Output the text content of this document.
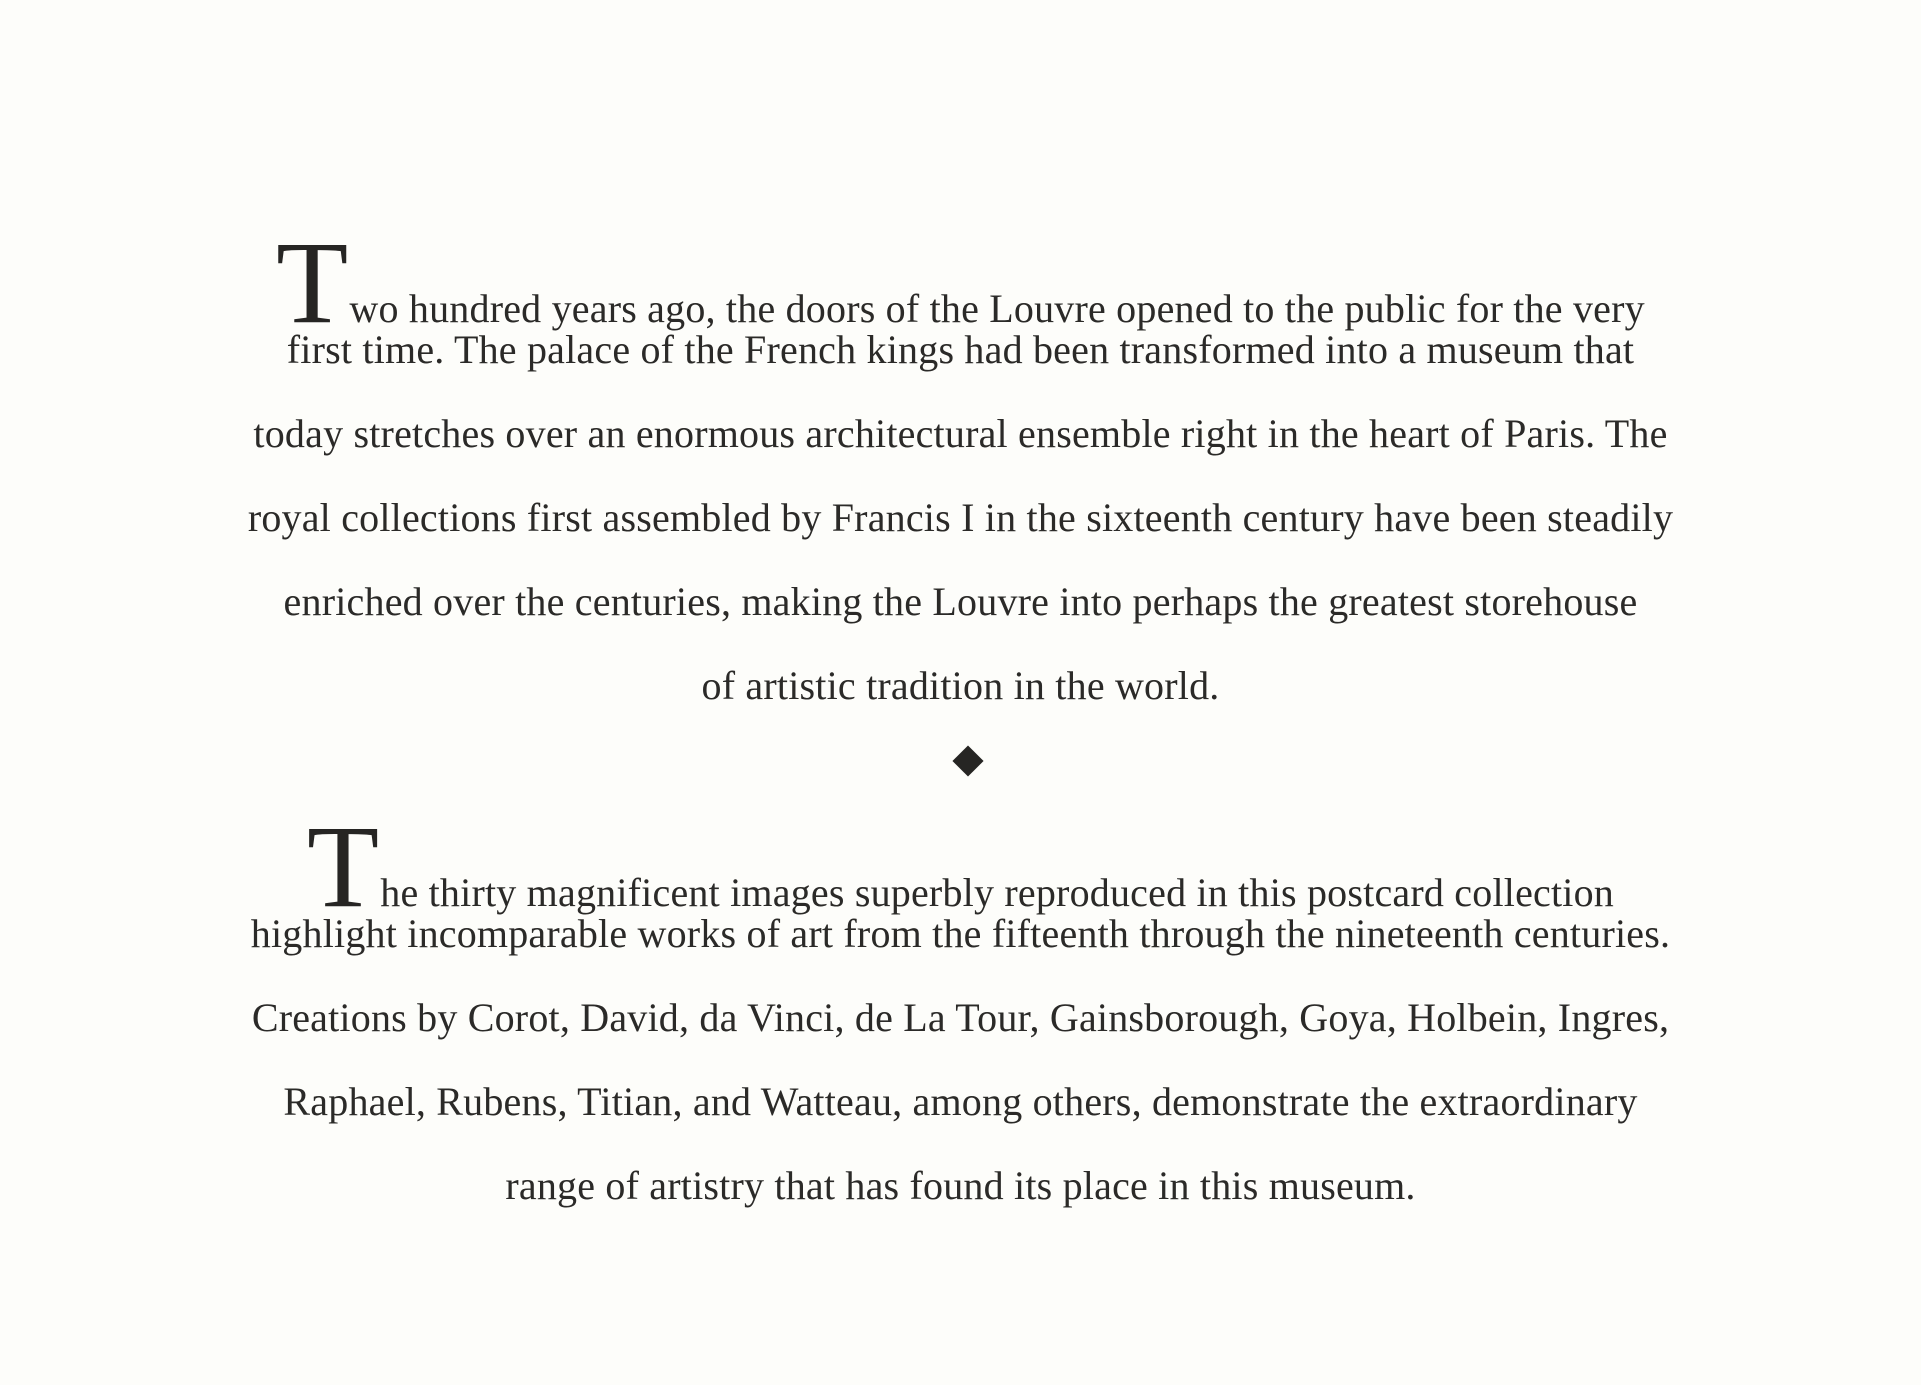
Two hundred years ago, the doors of the Louvre opened to the public for the very
first time. The palace of the French kings had been transformed into a museum that
today stretches over an enormous architectural ensemble right in the heart of Paris. The
royal collections first assembled by Francis I in the sixteenth century have been steadily
enriched over the centuries, making the Louvre into perhaps the greatest storehouse
of artistic tradition in the world.
The thirty magnificent images superbly reproduced in this postcard collection
highlight incomparable works of art from the fifteenth through the nineteenth centuries.
Creations by Corot, David, da Vinci, de La Tour, Gainsborough, Goya, Holbein, Ingres,
Raphael, Rubens, Titian, and Watteau, among others, demonstrate the extraordinary
range of artistry that has found its place in this museum.
